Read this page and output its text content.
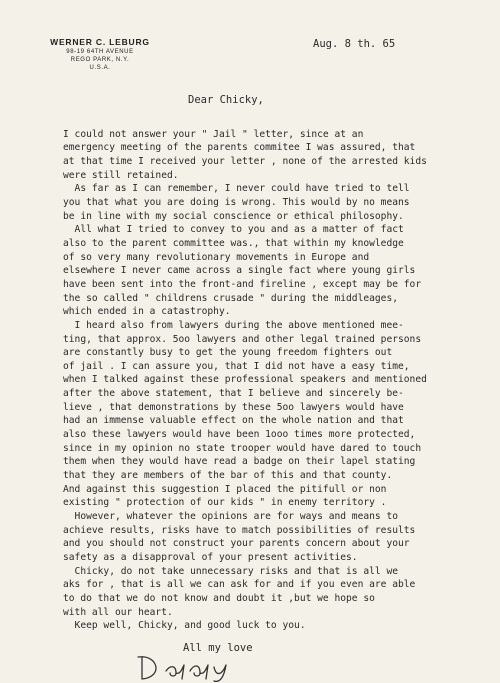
WERNER C. LEBURG
98-19 64TH AVENUE
REGO PARK, N.Y.
U.S.A.
Aug. 8 th. 65
Dear Chicky,
I could not answer your " Jail " letter, since at an
emergency meeting of the parents commitee I was assured, that
at that time I received your letter , none of the arrested kids
were still retained.
As far as I can remember, I never could have tried to tell
you that what you are doing is wrong. This would by no means
be in line with my social conscience or ethical philosophy.
All what I tried to convey to you and as a matter of fact
also to the parent committee was., that within my knowledge
of so very many revolutionary movements in Europe and
elsewhere I never came across a single fact where young girls
have been sent into the front-and fireline , except may be for
the so called " childrens crusade " during the middleages,
which ended in a catastrophy.
I heard also from lawyers during the above mentioned mee-
ting, that approx. 5oo lawyers and other legal trained persons
are constantly busy to get the young freedom fighters out
of jail . I can assure you, that I did not have a easy time,
when I talked against these professional speakers and mentioned
after the above statement, that I believe and sincerely be-
lieve , that demonstrations by these 5oo lawyers would have
had an immense valuable effect on the whole nation and that
also these lawyers would have been 1ooo times more protected,
since in my opinion no state trooper would have dared to touch
them when they would have read a badge on their lapel stating
that they are members of the bar of this and that county.
And against this suggestion I placed the pitifull or non
existing " protection of our kids " in enemy territory .
However, whatever the opinions are for ways and means to
achieve results, risks have to match possibilities of results
and you should not construct your parents concern about your
safety as a disapproval of your present activities.
Chicky, do not take unnecessary risks and that is all we
aks for , that is all we can ask for and if you even are able
to do that we do not know and doubt it ,but we hope so
with all our heart.
Keep well, Chicky, and good luck to you.
All my love
